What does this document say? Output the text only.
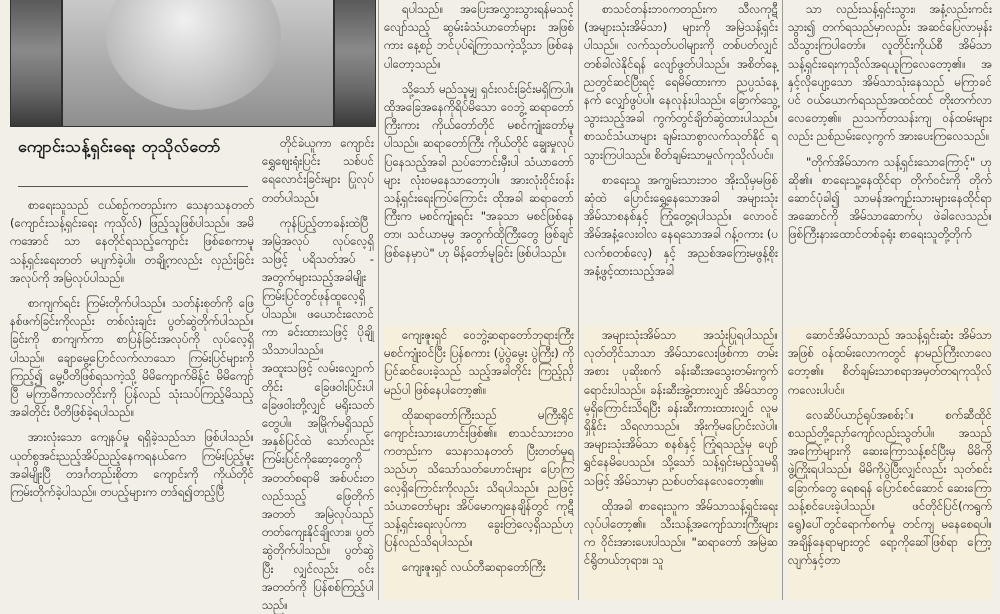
ကျောင်းသန့်ရှင်းရေး တုသိုလ်တော်

စာရေးသူသည် ငယ်စဉ်ကတည်းက သေနာသနတတ် (ကျောင်းသန့်ရှင်းရေး ကုသိုလ်) ဖြည့်သူဖြစ်ပါသည်။ အမိကအောင် သာ နေတိုင်ရသည့်ကျောင်း ဖြစ်စေကာမူ သန့်ရှင်းရေးတတ် မပျက်ခဲ့ပါ။ တချို့ကလည်း လှည်းခြင်း အလုပ်ကို အမြဲလုပ်ပါသည်။

စာကျက်ရင်း ကြမ်းတိုက်ပါသည်။ သတ်နံးစုတ်ကို ဖြေနစ်ဖက်ခြင်းကိုလည်း တစ်လုံးချင်း ပွတ်ဆွဲတိုက်ပါသည်။ ခြင်းကို စာကျက်ကာ စာပြန်ခြင်းအလုပ်ကို လုပ်လေ့ရှိပါသည်။ ချောမွေ့ပြောင်လက်လာသော ကြမ်းပြင်များကိုကြည့်၍ မွေ့ပီတိဖြစ်ရသကဲ့သို့ မိမိကျောက်မိန့်ငံ မိမိကျော်ပြီ မကြာမီကာလတိုင်းကို ပြန်လည် သုံးသပ်ကြည့်မိသည့်အခါတိုင်း ပီတိဖြစ်ခဲ့ရပါသည်။

အားလုံးသော ကျေနပ်မှု ရရှိခဲ့သည်သာ ဖြစ်ပါသည်။ ယုတ်စွအင်းညည့်အိပ်ညည့်နေကရနယ်ကေ ကြမ်းပြည့်မူးအခါမျိုးပြီ တဒင်္ဂတည်းစိုတာ ကျောင်းကို ကိုယ်တိုင်ကြမ်းတိုက်ခဲ့ပါသည်။ တပည့်များက တဒ်ရ၍တည့်ပြီ

တိုင်ခဲယူကာ ကျောင်းရွှေဈေးရုံးပြင်း သစ်ပင်ရေလောင်းခြင်းများ ပြုလုပ်တတ်ပါသည်။

ကုန်ပြည့်တာခန်းထဲပြီ အမြဲအလုပ် လုပ်လေ့ရှိသဖြင့် ပရိသတ်အပ် - အတွက်များသည့်အခါမျိုး ကြမ်းပြင်တွင်ဖုန်ထူလေ့ရှိပါသည်။ ဖယောင်းလောင်ကာ ခင်းထားသဖြင့် ပိုချိုသိသာပါသည်။ အထူးသဖြင့် လမ်းလျှောက်တိုင်း ခြေဖဝါးပြင်းပါ ခြေဖဝါးတို့လျှင် မရိုးသတ်တွေပါ။ အမြိုက်မရှိသည် အနှစ်ပြင်ထဲ သော်လည်း ကြမ်းပြင်ကိုဆော့တွေကို အတတ်စရာမိ အစ်ပင်းတလည်သည့် ဖြေတိုက်အတတ် အမြဲလုပ်သည် တတ်ကျေးနိုင်ချိုလား။ ပွတ်ဆွဲတိုက်ပါသည်။ ပွတ်ဆွဲပြီး လျှင်လည်း ဝင်းအတတ်ကို ပြန်စစ်ကြည့်ပါသည်။

ရပါသည်။ အပြေးအလွှားသွားရန်မသင့် လျော်သည့် ဆွမ်းခံသံယာတော်များ အဖြစ်ကား နေ့စဉ် ဘင်ပုပ်ရဲ့ကြာသကဲ့သို့သာ ဖြစ်နေပါတော့သည်။

သို့သော် မည်သူမျှ ရှင်းလင်းခြင်းမရှိကြပါ။ ထိုအခြေအနေကိုရိပ်မိသော ဝေဘွဲ့ ဆရာတော်ကြီးကား ကိုယ်တော်တိုင် မစင်ကျုံးတော်မူပါသည်။ ဆရာတော်ကြီး ကိုယ်တိုင် ချွေးမှုလုပ်ပြနေသည့်အခါ ညပ်ဘောင်းမှီးပါ သံယာတော်များ လုံးဝမနေသာတော့ပါ။ အားလုံးဝိုင်းဝန်း သန့်ရှင်းရေးကြပ်ကြောင်း ထိုအခါ ဆရာတော်ကြီးက မစင်ကျုံးရင်း "အခုသာ မစင်ဖြစ်နေတာ၊ သင်ယာမုမ္ပ အတွက်ထိုကြီးတွေ ဖြစ်ချင်ဖြစ်နေမှာပဲ" ဟု မိန့်တော်မူခြင်း ဖြစ်ပါသည်။

ကျေးဇူးရှင် ဝေဘွဲ့ဆရာတော်ဘုရားကြီး မစင်ကျုံးဝင်ပြီး ပြန်စကား (ပွဲပွဲမွေး ပွဲကြီး) ကို ပြင်ဆင်ပေးခဲ့သည် သည့်အခါတိုင်း ကြည့်ညှိမည်ပါ ဖြစ်နေပါတော့၏။

ထိုဆရာတော်ကြီးသည် မကြီးရိုင် ကျောင်းသားဟောင်းဖြစ်၏။ စာသင်သားဘဝကတည်းက သေနာသနတတ် ပြီးတတ်မှုရသည်ဟု သိသော်သတ်ဟောင်းများ ပြောကြလေ့ရှိကြောင်းကိုလည်း သိရပါသည်။ ညဖြင့် သံယာတော်များ အိပ်မောကျနေချိန်တွင် ကုဋီသန့်ရှင်းရေးလုပ်ကာ ခွေးတြဲလေ့ရှိသည်ဟု ပြန်လည်သိရပါသည်။

ကျေးဇူးရှင် လယ်တီဆရာတော်ကြီး

စာသင်တန်းဘဝကတည်းက သီလကုဋီ (အများသုံးအိမ်သာ) များကို အမြဲသန့်ရှင်းပါသည်။ လက်သုတ်ပဝါများကို တစ်ပတ်လျှင် တစ်ခါလဲနိုင်ရန် လျော်ဖွတ်ပါသည်။ အစိတ်နေ့ညတွင်ဆင်ပြီးရင့် ရေမိမ်ထားကာ ညပ္ပသံနေ့နက် လျှော်ဖွပ်ပါ။ နေလုန်းပါသည်။ ခြောက်သွေ့သွားသည့်အခါ ကွက်တွင်ချိတ်ဆွဲထားပါသည်။ စာသင်သံယာများ ချမ်းသာစွာလက်သုတ်နိုင် ရသွားကြပါသည်။ စိတ်ချမ်းသာမှုလ်ကုသိုလ်ပင်။

စာရေးသူ အကျွမ်းသားဘဝ အိုးသိုမှမဖြစ်ဆုံထဲ ပြောင်းရွှေ့နေသောအခါ အများသုံး အိမ်သာစနစ်နှင့် ကြုံတွေ့ရပါသည်။ လောဝင်အိမ်အနံ့လေးဝါလ နေရသောအခါ ဂန့်ဝကား (ပလက်စတစ်လေ့) နှင့် အညစ်အကြေးမဖွန့်စိုး အနံ့ဖွင့်ထားသည့်အခါ

အများသုံးအိမ်သာ အသုံးပြုရပါသည်။ လုတ်တိုင်သာသာ အိမ်သာလေးဖြစ်ကာ တမ်းအစား ပုဆိုးစက် ခန်းဆီးအသွေးတမ်းကွက်ရောင်းပါသည်။ ခန်းဆီးအွဲ့ထားလျှင် အိမ်သာတွမ့ရှိကြောင်းသိရပြီး ခန်းဆီးကားထားလျှင် လူမရှိနိုင်း သိရလာသည်။ အိုးကိုမပြောင်းလဲပါ။ အများသုံးအိမ်သာ စနစ်နှင့် ကြုံရသည့်မှ ပျော်ရွှင်နေမိပေသည်။ သို့သော် သန့်ရှင်းမည့်သူမရှိသဖြင့် အိမ်သာမှာ ညစ်ပတ်နေလေတော့၏။

ထိုအခါ စာရေးသူက အိမ်သာသန့်ရှင်းရေး လုပ်ပါတော့၏။ သီးသန့်အကျော်သားကြီးများက ဝိုင်းအားပေးပါသည်။ "ဆရာတော် အမြဲဆင်ရွိတယ်ဘုရား။ သူ

သာ လည်းသန့်ရှင်းသွား၊ အနံ့လည်းကင်းသွား၍ တက်ရသည်မှာလည်း အဆင်ပြေလာမှန်း သိသွားကြပါတော်။ လူတိုင်းကိုယ်စီ အိမ်သာသန့်ရှင်းရေးကုသိုလ်အရယူကြလေတော့၏။ အနှင့်လိုပျော့သော အိမ်သာသုံးနေသည် မကြာခင်ပင် ဝယ်ယောက်ရသည်အထင်ထင် တိုးတက်လာလေတော့၏။ ညသက်တသန်းကျ ဝန်ထမ်းများလည်း ညစ်ညမ်းလေ့ကွက် အားပေးကြလေသည်။

"တိုက်အိမ်သာက သန့်ရှင်းသောကြောင့်" ဟုဆို၏။ စာရေးသူ့နေထိုင်ရာ တိုက်ဝင်းကို တိုက်ဆောင်ပုံခါ၍ သာမန်အကျဉ်းသားများနေထိုင်ရာ အဆောင်ကို အိမ်သာဆောက်ပု ဖဲခါလေသည်။ ဖြစ်ကြီးနားထောင်တစ်ခုရုံး စာရေးသူတို့တိုက်

ဆောင်အိမ်သာသည် အသန့်ရှင်းဆုံး အိမ်သာအဖြစ် ဝန်ထမ်းလောကတွင် နာမည်ကြီးလာလေတော့၏။ စိတ်ချမ်းသာစရာအမှတ်တရကုသိုလ်ကလေးပါပင်။

လေဆိပ်ယာဉ်ရုပ်အစစ်ႏ်။ စက်ဆီထိုင်စသည်တို့ညှော်ကျော်လည်းသွတ်ပါ။ အသည်အကြော်များကို ဆေးကြောသန့်စင်ပြီးမှ မိမိကိုဖွဲ့ကြိုးရပါသည်။ မိမိကိုပွဲပြီးလျှင်လည်း သုတ်စင်းခြောက်တွေ ရေစရန် ပြောင်စင်ဆောင် ဆေးကြောသန့်စင်ပေးခဲ့ပါသည်။ ဖင်တိုင်ပြင်(ကရွက်ရွေ)ပေါ်တွင်ရောက်စက်မှု တင်ကျ မနေစေရပါ။ အချိန်နေရာများတွင် ရော့ကိုဆေါ်ဖြစ်ရာ ကြော့လျက်နှင့်တာ
